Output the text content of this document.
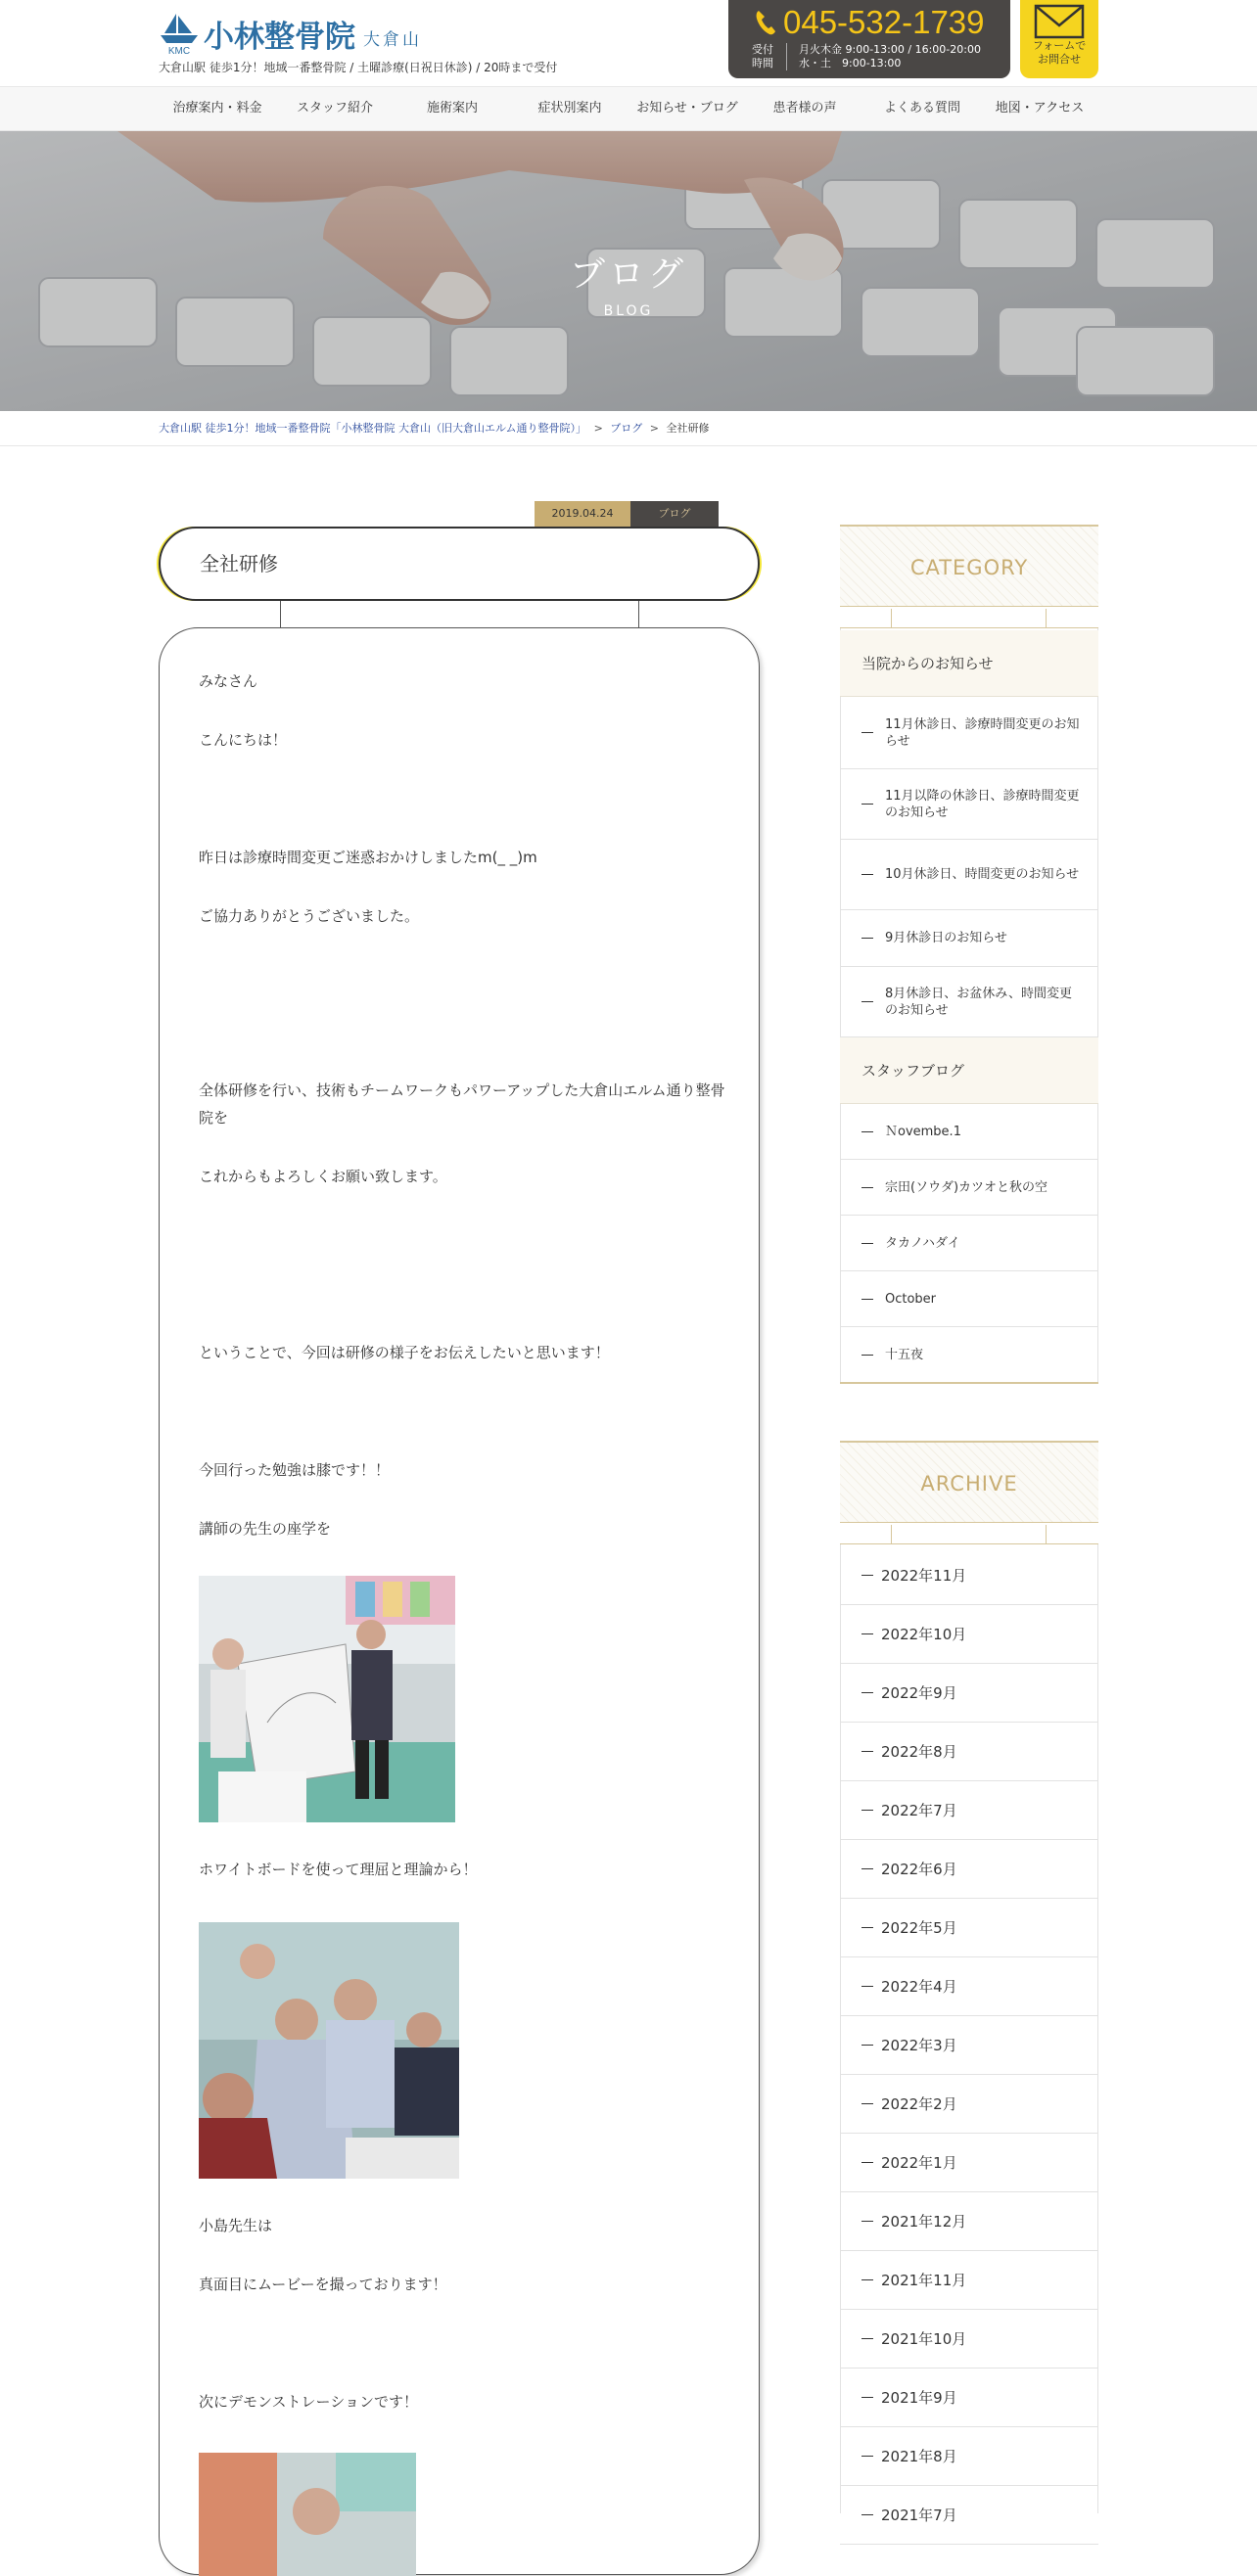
KMC 小林整骨院 大倉山
大倉山駅 徒歩1分！地域一番整骨院 / 土曜診療(日祝日休診) / 20時まで受付
045-532-1739
受付
時間
月火木金 9:00-13:00 / 16:00-20:00
水・土　9:00-13:00
フォームで
お問合せ
治療案内・料金	スタッフ紹介	施術案内	症状別案内	お知らせ・ブログ	患者様の声	よくある質問	地図・アクセス
ブログ
BLOG
大倉山駅 徒歩1分！地域一番整骨院「小林整骨院 大倉山（旧大倉山エルム通り整骨院）」 > ブログ > 全社研修
2019.04.24	ブログ
全社研修
みなさん
こんにちは！
昨日は診療時間変更ご迷惑おかけしましたm(_ _)m
ご協力ありがとうございました。
全体研修を行い、技術もチームワークもパワーアップした大倉山エルム通り整骨院を
これからもよろしくお願い致します。
ということで、今回は研修の様子をお伝えしたいと思います！
今回行った勉強は膝です！！
講師の先生の座学を
ホワイトボードを使って理屈と理論から！
小島先生は
真面目にムービーを撮っております！
次にデモンストレーションです！
CATEGORY
当院からのお知らせ
11月休診日、診療時間変更のお知らせ
11月以降の休診日、診療時間変更のお知らせ
10月休診日、時間変更のお知らせ
9月休診日のお知らせ
8月休診日、お盆休み、時間変更のお知らせ
スタッフブログ
Ｎovembe.1
宗田(ソウダ)カツオと秋の空
タカノハダイ
October
十五夜
ARCHIVE
2022年11月
2022年10月
2022年9月
2022年8月
2022年7月
2022年6月
2022年5月
2022年4月
2022年3月
2022年2月
2022年1月
2021年12月
2021年11月
2021年10月
2021年9月
2021年8月
2021年7月
